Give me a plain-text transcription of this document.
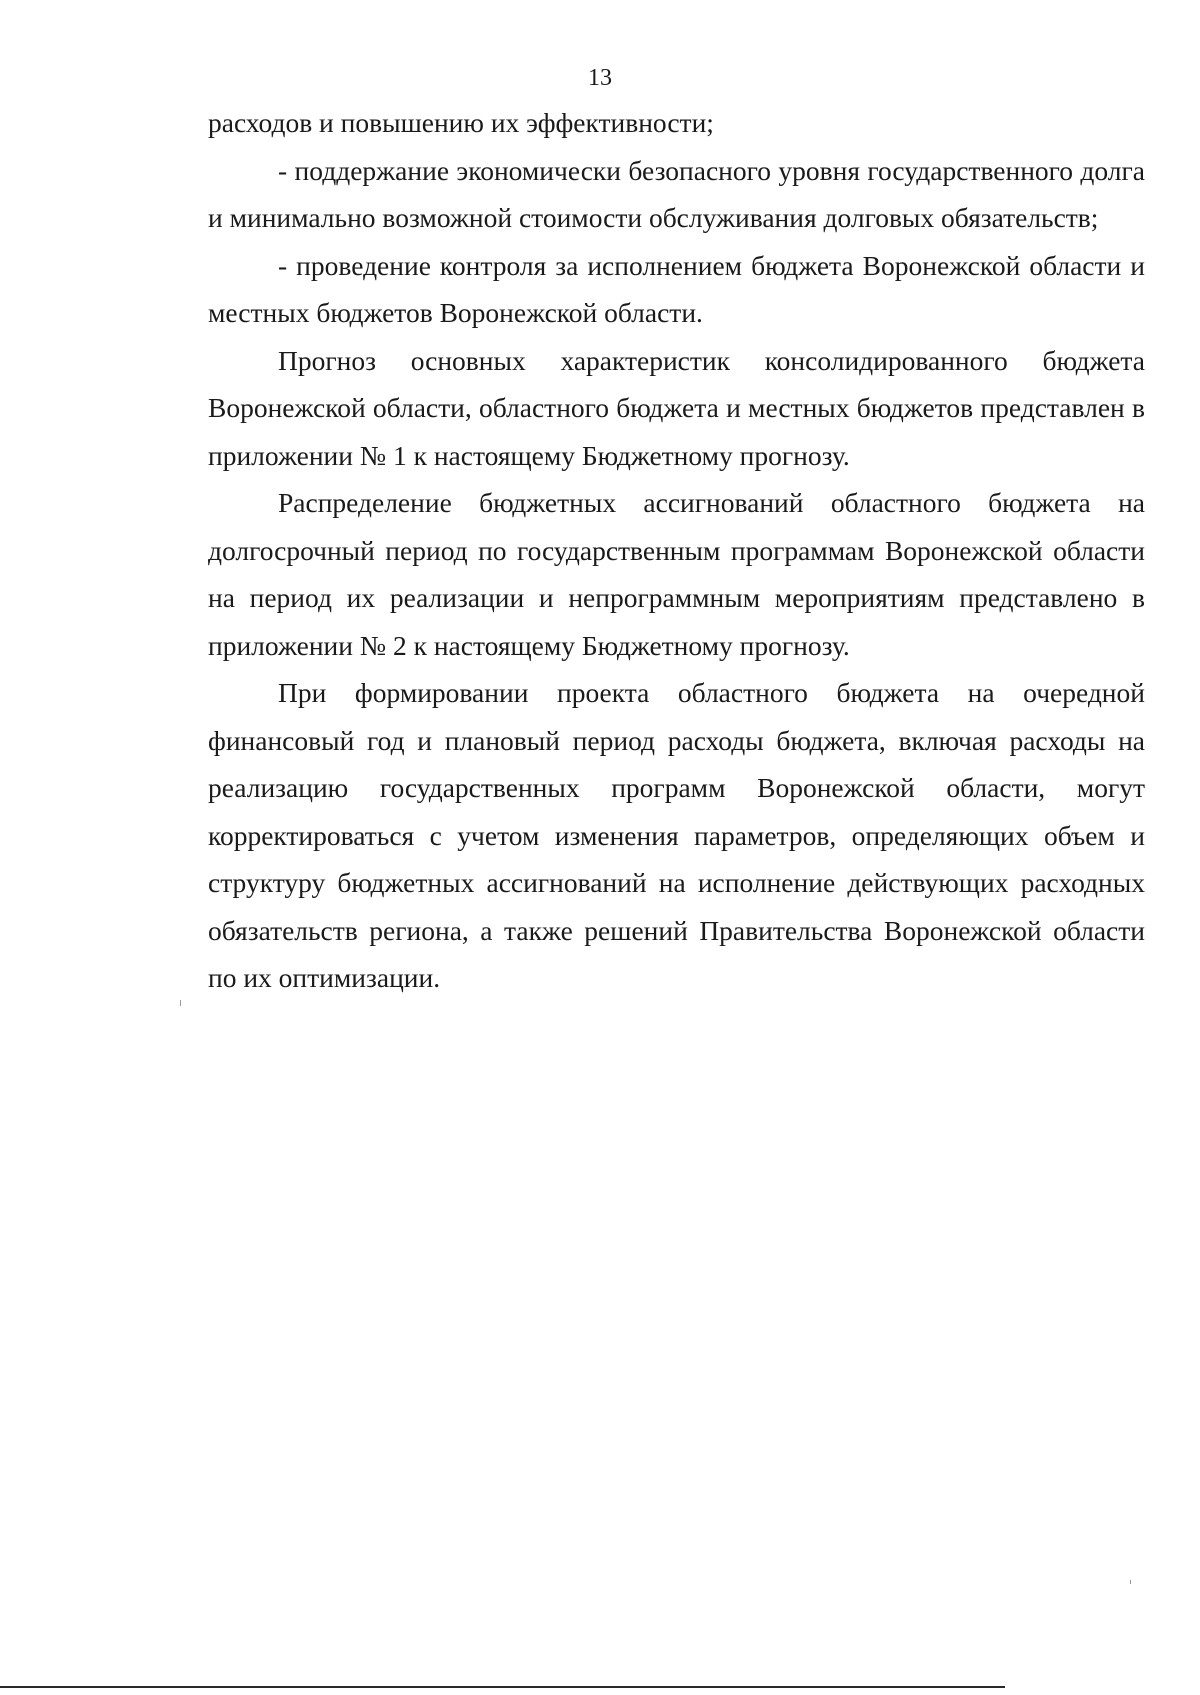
13

расходов и повышению их эффективности;

- поддержание экономически безопасного уровня государственного долга и минимально возможной стоимости обслуживания долговых обязательств;

- проведение контроля за исполнением бюджета Воронежской области и местных бюджетов Воронежской области.

Прогноз основных характеристик консолидированного бюджета Воронежской области, областного бюджета и местных бюджетов представлен в приложении № 1 к настоящему Бюджетному прогнозу.

Распределение бюджетных ассигнований областного бюджета на долгосрочный период по государственным программам Воронежской области на период их реализации и непрограммным мероприятиям представлено в приложении № 2 к настоящему Бюджетному прогнозу.

При формировании проекта областного бюджета на очередной финансовый год и плановый период расходы бюджета, включая расходы на реализацию государственных программ Воронежской области, могут корректироваться с учетом изменения параметров, определяющих объем и структуру бюджетных ассигнований на исполнение действующих расходных обязательств региона, а также решений Правительства Воронежской области по их оптимизации.
